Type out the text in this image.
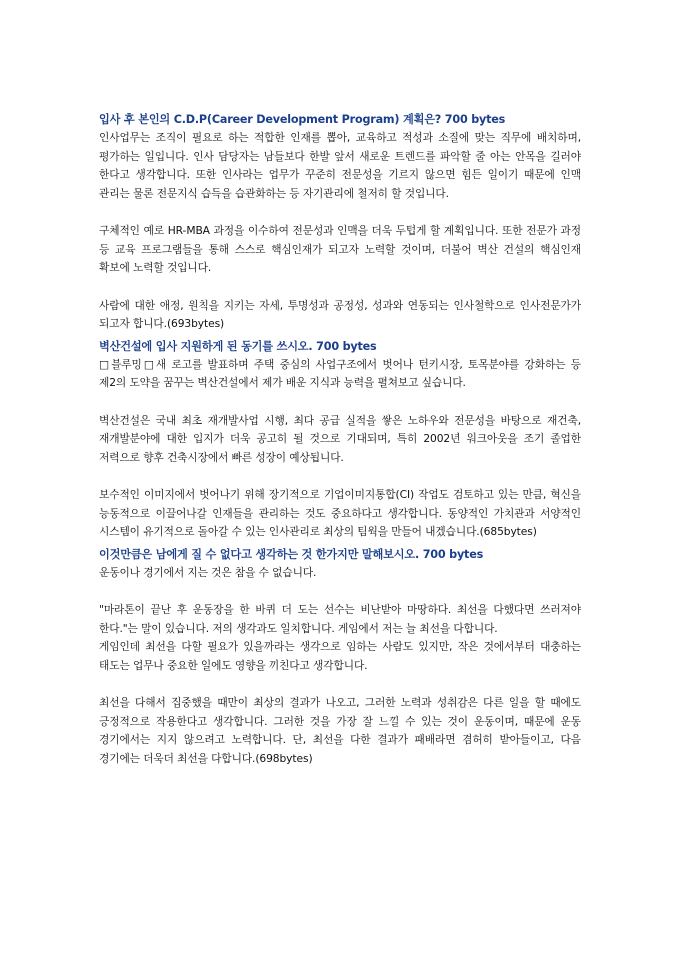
입사 후 본인의 C.D.P(Career Development Program) 계획은? 700 bytes

인사업무는 조직이 필요로 하는 적합한 인재를 뽑아, 교육하고 적성과 소질에 맞는 직무에 배치하며, 평가하는 일입니다. 인사 담당자는 남들보다 한발 앞서 새로운 트렌드를 파악할 줄 아는 안목을 길러야 한다고 생각합니다. 또한 인사라는 업무가 꾸준히 전문성을 기르지 않으면 힘든 일이기 때문에 인맥 관리는 물론 전문지식 습득을 습관화하는 등 자기관리에 철저히 할 것입니다.

구체적인 예로 HR-MBA 과정을 이수하여 전문성과 인맥을 더욱 두텁게 할 계획입니다. 또한 전문가 과정 등 교육 프로그램들을 통해 스스로 핵심인재가 되고자 노력할 것이며, 더불어 벽산 건설의 핵심인재 확보에 노력할 것입니다.

사람에 대한 애정, 원칙을 지키는 자세, 투명성과 공정성, 성과와 연동되는 인사철학으로 인사전문가가 되고자 합니다.(693bytes)

벽산건설에 입사 지원하게 된 동기를 쓰시오. 700 bytes

□블루밍□새 로고를 발표하며 주택 중심의 사업구조에서 벗어나 턴키시장, 토목분야를 강화하는 등 제2의 도약을 꿈꾸는 벽산건설에서 제가 배운 지식과 능력을 펼쳐보고 싶습니다.

벽산건설은 국내 최초 재개발사업 시행, 최다 공급 실적을 쌓은 노하우와 전문성을 바탕으로 재건축, 재개발분야에 대한 입지가 더욱 공고히 될 것으로 기대되며, 특히 2002년 워크아웃을 조기 졸업한 저력으로 향후 건축시장에서 빠른 성장이 예상됩니다.

보수적인 이미지에서 벗어나기 위해 장기적으로 기업이미지통합(CI) 작업도 검토하고 있는 만큼, 혁신을 능동적으로 이끌어나갈 인재들을 관리하는 것도 중요하다고 생각합니다. 동양적인 가치관과 서양적인 시스템이 유기적으로 돌아갈 수 있는 인사관리로 최상의 팀웍을 만들어 내겠습니다.(685bytes)

이것만큼은 남에게 질 수 없다고 생각하는 것 한가지만 말해보시오. 700 bytes

운동이나 경기에서 지는 것은 참을 수 없습니다.

"마라톤이 끝난 후 운동장을 한 바퀴 더 도는 선수는 비난받아 마땅하다. 최선을 다했다면 쓰러져야 한다."는 말이 있습니다. 저의 생각과도 일치합니다. 게임에서 저는 늘 최선을 다합니다.

게임인데 최선을 다할 필요가 있을까라는 생각으로 임하는 사람도 있지만, 작은 것에서부터 대충하는 태도는 업무나 중요한 일에도 영향을 끼친다고 생각합니다.

최선을 다해서 집중했을 때만이 최상의 결과가 나오고, 그러한 노력과 성취감은 다른 일을 할 때에도 긍정적으로 작용한다고 생각합니다. 그러한 것을 가장 잘 느낄 수 있는 것이 운동이며, 때문에 운동 경기에서는 지지 않으려고 노력합니다. 단, 최선을 다한 결과가 패배라면 겸허히 받아들이고, 다음 경기에는 더욱더 최선을 다합니다.(698bytes)
